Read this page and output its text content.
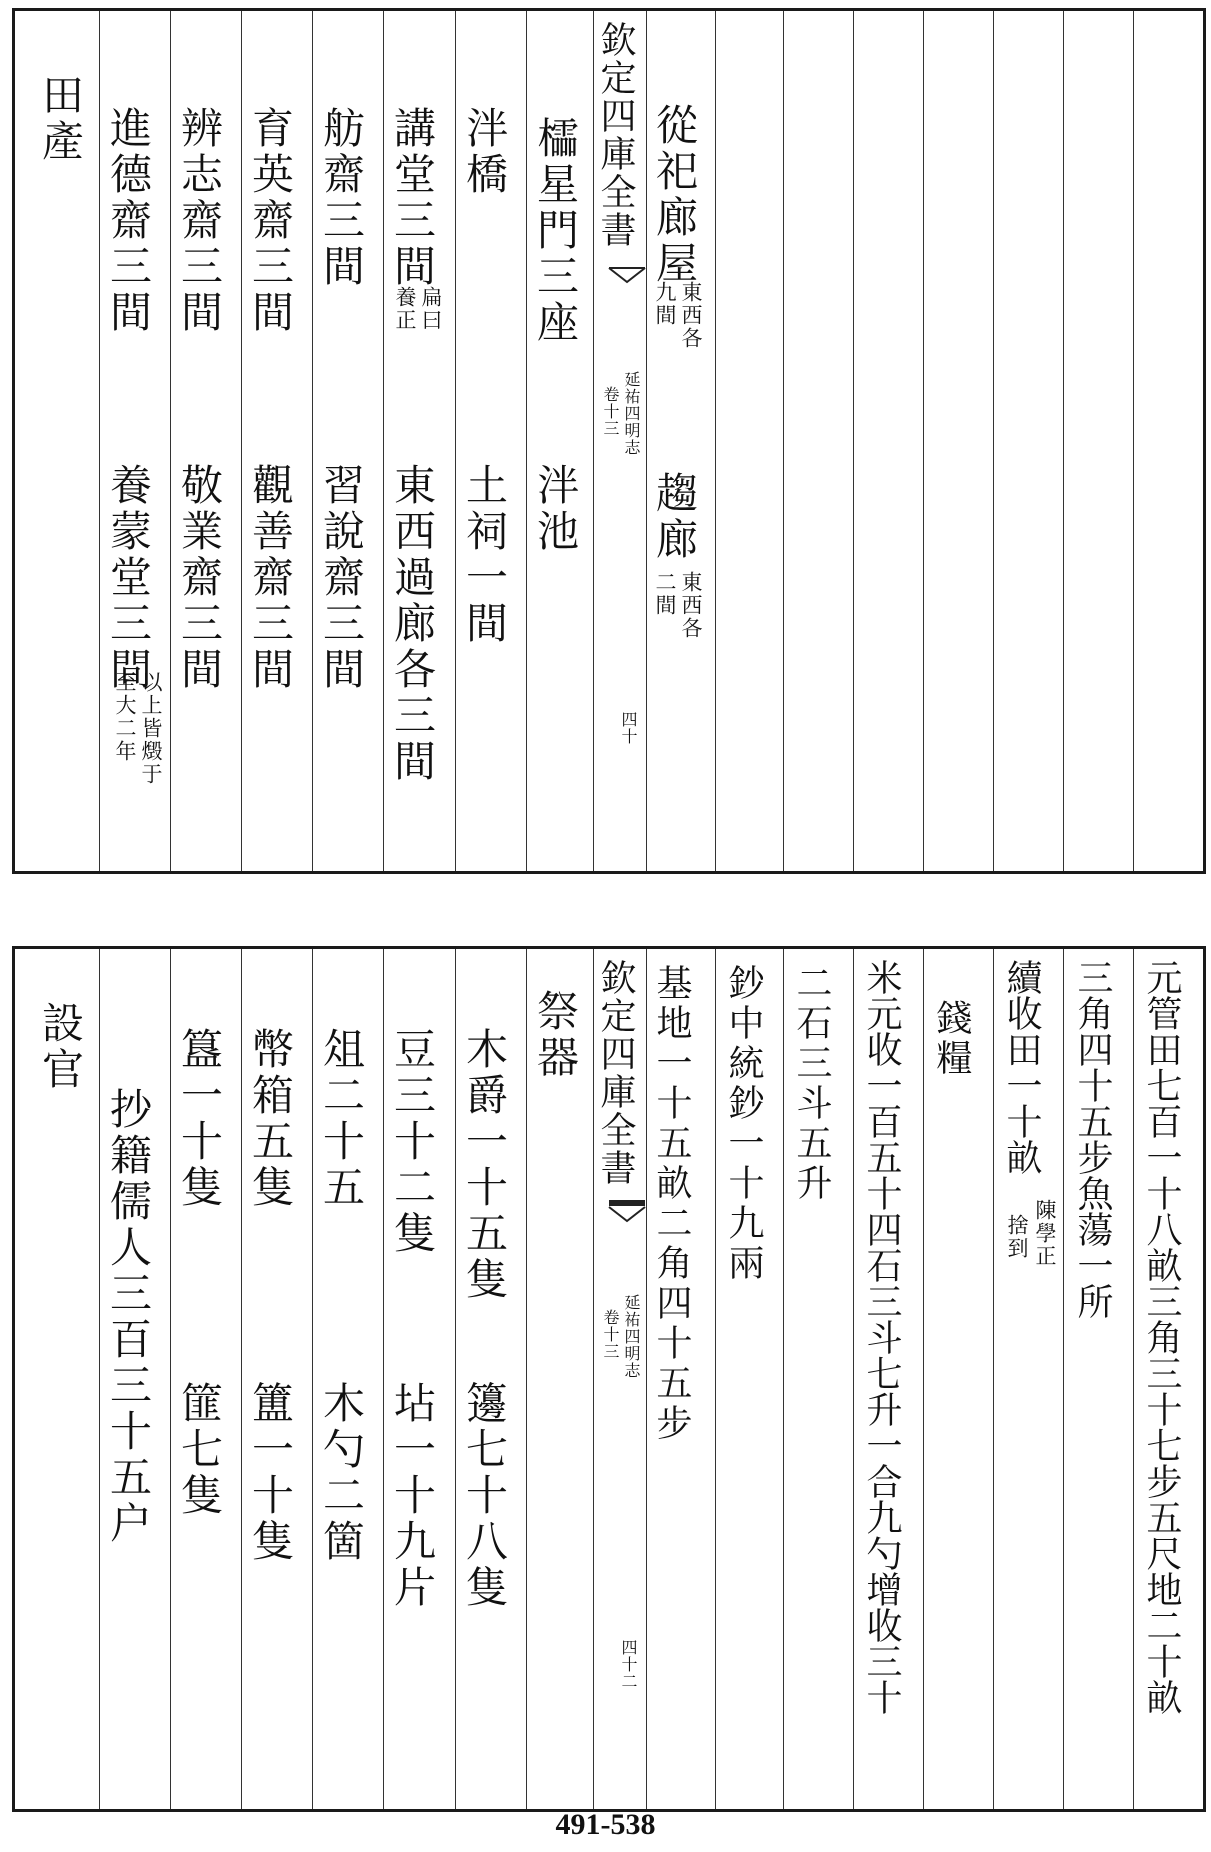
欽定四庫全書
延祐四明志
卷十三
四十
從祀廊屋
東西各
九間
趨廊
東西各
二間
櫺星門三座
泮池
泮橋
土祠一間
講堂三間
扁曰
養正
東西過廊各三間
舫齋三間
習說齋三間
育英齋三間
觀善齋三間
辨志齋三間
敬業齋三間
進德齋三間
養蒙堂三間
以上皆燬于
至大二年
田產
欽定四庫全書
延祐四明志
卷十三
四十二	元管田七百一十八畝三角三十七步五尺地二十畝
三角四十五步魚蕩一所
續收田一十畝
陳學正
捨到
錢糧
米元收一百五十四石三斗七升一合九勺增收三十
二石三斗五升
鈔中統鈔一十九兩
基地一十五畝二角四十五步
祭器
木爵一十五隻
籩七十八隻
豆三十二隻
坫一十九片
俎二十五
木勺二箇
幣箱五隻
簠一十隻
簋一十隻
篚七隻
抄籍儒人三百三十五户
設官
491-538
